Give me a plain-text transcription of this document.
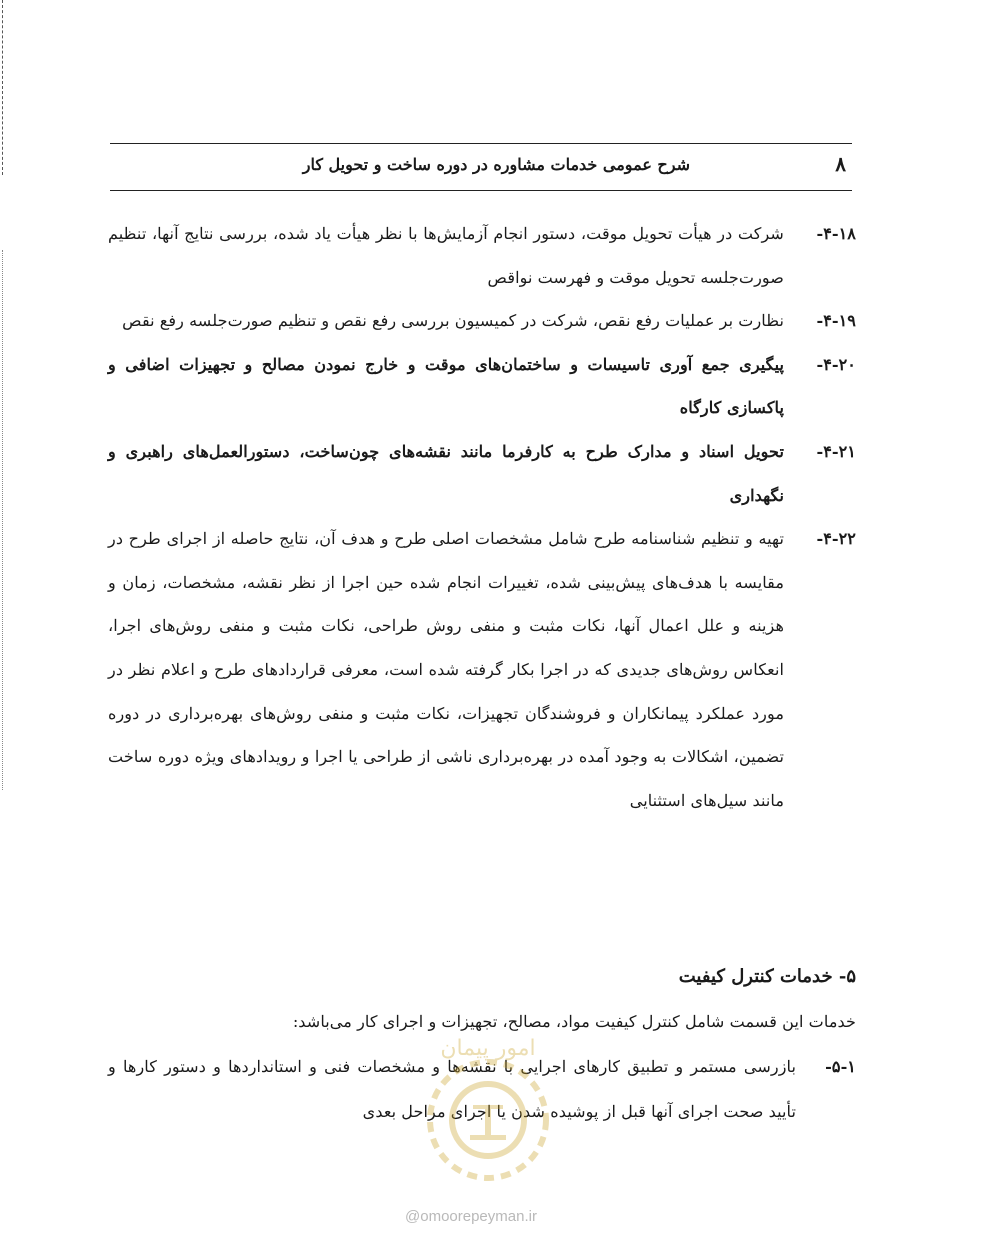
۸
شرح عمومی خدمات مشاوره در دوره ساخت و تحویل کار
۴-۱۸-
شرکت در هیأت تحویل موقت، دستور انجام آزمایش‌ها با نظر هیأت یاد شده، بررسی نتایج آنها، تنظیم صورت‌جلسه تحویل موقت و فهرست نواقص
۴-۱۹-
نظارت بر عملیات رفع نقص، شرکت در کمیسیون بررسی رفع نقص و تنظیم صورت‌جلسه رفع نقص
۴-۲۰-
پیگیری جمع آوری تاسیسات و ساختمان‌های موقت و خارج نمودن مصالح و تجهیزات اضافی و پاکسازی کارگاه
۴-۲۱-
تحویل اسناد و مدارک طرح به کارفرما مانند نقشه‌های چون‌ساخت، دستورالعمل‌های راهبری و نگهداری
۴-۲۲-
تهیه و تنظیم شناسنامه طرح شامل مشخصات اصلی طرح و هدف آن، نتایج حاصله از اجرای طرح در مقایسه با هدف‌های پیش‌بینی شده، تغییرات انجام شده حین اجرا از نظر نقشه، مشخصات، زمان و هزینه و علل اعمال آنها، نکات مثبت و منفی روش طراحی، نکات مثبت و منفی روش‌های اجرا، انعکاس روش‌های جدیدی که در اجرا بکار گرفته شده است، معرفی قراردادهای طرح و اعلام نظر در مورد عملکرد پیمانکاران و فروشندگان تجهیزات، نکات مثبت و منفی روش‌های بهره‌برداری در دوره تضمین، اشکالات به وجود آمده در بهره‌برداری ناشی از طراحی یا اجرا و رویدادهای ویژه دوره ساخت مانند سیل‌های استثنایی

۵- خدمات کنترل کیفیت

خدمات این قسمت شامل کنترل کیفیت مواد، مصالح، تجهیزات و اجرای کار می‌باشد:

۵-۱-
بازرسی مستمر و تطبیق کارهای اجرایی با نقشه‌ها و مشخصات فنی و استانداردها و دستور کارها و تأیید صحت اجرای آنها قبل از پوشیده شدن یا اجرای مراحل بعدی
امور پیمان
@omoorepeyman.ir
